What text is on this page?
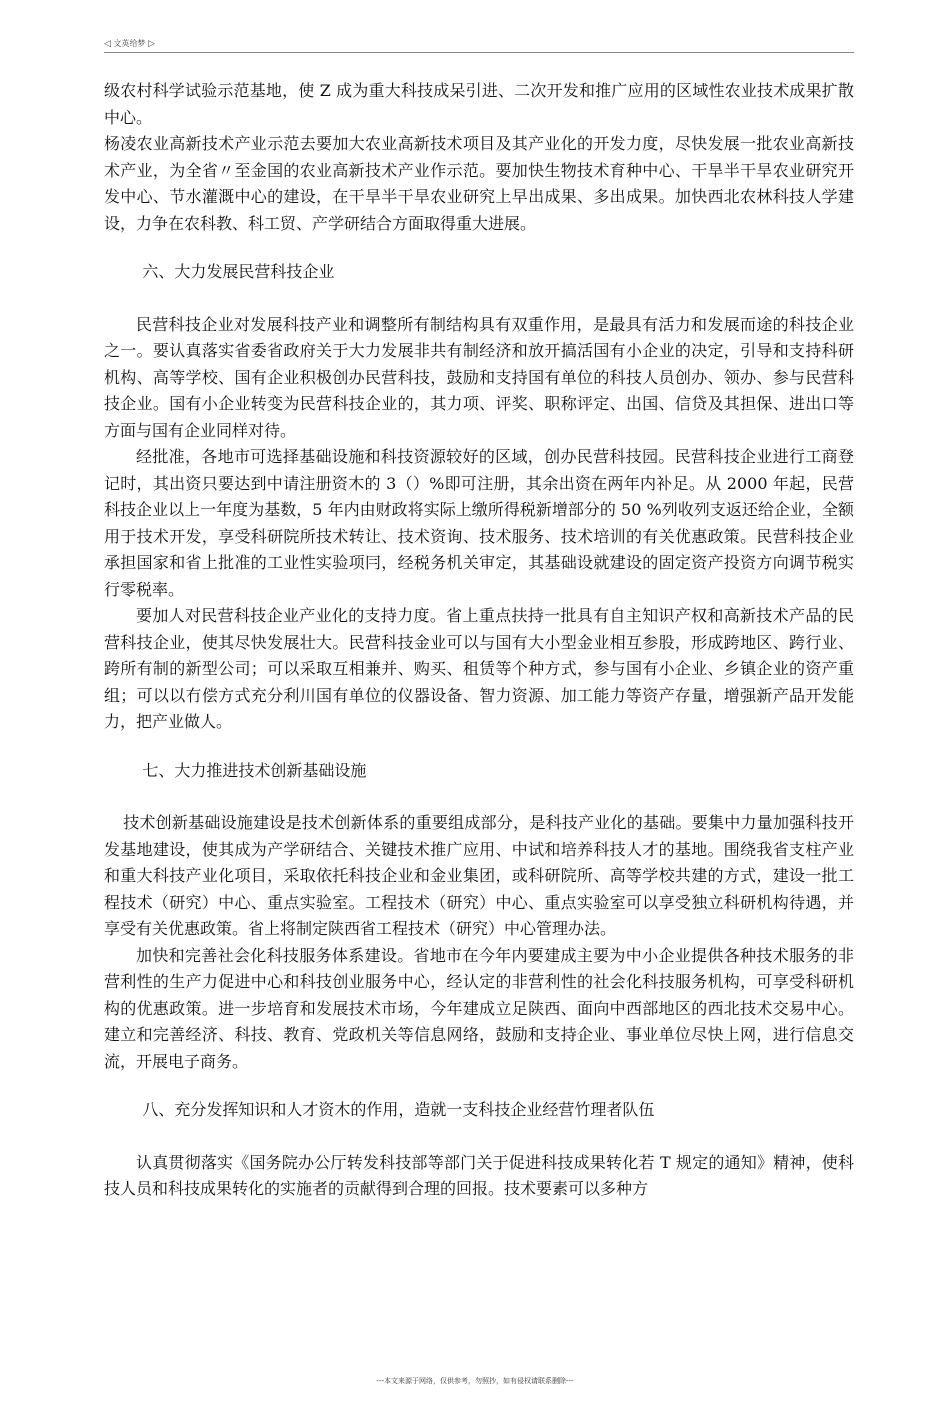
◁ 文英给梦 ▷

级农村科学试验示范基地，使 Z 成为重大科技成呆引进、二次开发和推广应用的区域性农业技术成果扩散中心。

杨凌农业高新技术产业示范去要加大农业高新技术项目及其产业化的开发力度，尽快发展一批农业高新技术产业，为全省〃至金国的农业高新技术产业作示范。要加快生物技术育种中心、干旱半干旱农业研究开发中心、节水灌溉中心的建设，在干旱半干旱农业研究上早出成果、多出成果。加快西北农林科技人学建设，力争在农科教、科工贸、产学研结合方面取得重大进展。

六、大力发展民营科技企业

民营科技企业对发展科技产业和调整所有制结构具有双重作用，是最具有活力和发展而途的科技企业之一。要认真落实省委省政府关于大力发展非共有制经济和放开搞活国有小企业的决定，引导和支持科研机构、高等学校、国有企业积极创办民营科技，鼓励和支持国有单位的科技人员创办、领办、参与民营科技企业。国有小企业转变为民营科技企业的，其力项、评奖、职称评定、出国、信贷及其担保、进出口等方面与国有企业同样对待。

经批准，各地市可选择基础设施和科技资源较好的区域，创办民营科技园。民营科技企业进行工商登记时，其出资只要达到中请注册资木的 3（）%即可注册，其余出资在两年内补足。从 2000 年起，民营科技企业以上一年度为基数，5 年内由财政将实际上缴所得税新增部分的 50 %列收列支返还给企业，全额用于技术开发，享受科研院所技术转让、技术资询、技术服务、技术培训的有关优惠政策。民营科技企业承担国家和省上批准的工业性实验项冃，经税务机关审定，其基础设就建设的固定资产投资方向调节税实行零税率。

要加人对民营科技企业产业化的支持力度。省上重点扶持一批具有自主知识产权和高新技术产品的民营科技企业，使其尽快发展壮大。民营科技金业可以与国有大小型金业相互参股，形成跨地区、跨行业、跨所有制的新型公司；可以采取互相兼并、购买、租赁等个种方式，参与国有小企业、乡镇企业的资产重组；可以以冇偿方式充分利川国有单位的仪器设备、智力资源、加工能力等资产存量，增强新产品开发能力，把产业做人。

七、大力推进技术创新基础设施

技术创新基础设施建设是技术创新体系的重要组成部分，是科技产业化的基础。要集中力量加强科技开发基地建设，使其成为产学研结合、关键技术推广应用、中试和培养科技人才的基地。围绕我省支柱产业和重大科技产业化项目，采取依托科技企业和金业集团，或科研院所、高等学校共建的方式，建设一批工程技术（研究）中心、重点实验室。工程技术（研究）中心、重点实验室可以享受独立科研机构待遇，并享受有关优惠政策。省上将制定陕西省工程技术（研究）中心管理办法。

加快和完善社会化科技服务体系建设。省地市在今年内要建成主要为中小企业提供各种技术服务的非营利性的生产力促进中心和科技创业服务中心，经认定的非营利性的社会化科技服务机构，可享受科研机构的优惠政策。进一步培育和发展技术市场，今年建成立足陕西、面向中西部地区的西北技术交易中心。建立和完善经济、科技、教育、党政机关等信息网络，鼓励和支持企业、事业单位尽快上网，进行信息交流，开展电子商务。

八、充分发挥知识和人才资木的作用，造就一支科技企业经营竹理者队伍

认真贯彻落实《国务院办公厅转发科技部等部门关于促进科技成果转化若 T 规定的通知》精神，使科技人员和科技成果转化的实施者的贡献得到合理的回报。技术要素可以多种方

---本文来源于网络，仅供参考，勿照抄，如有侵权请联系删除---
